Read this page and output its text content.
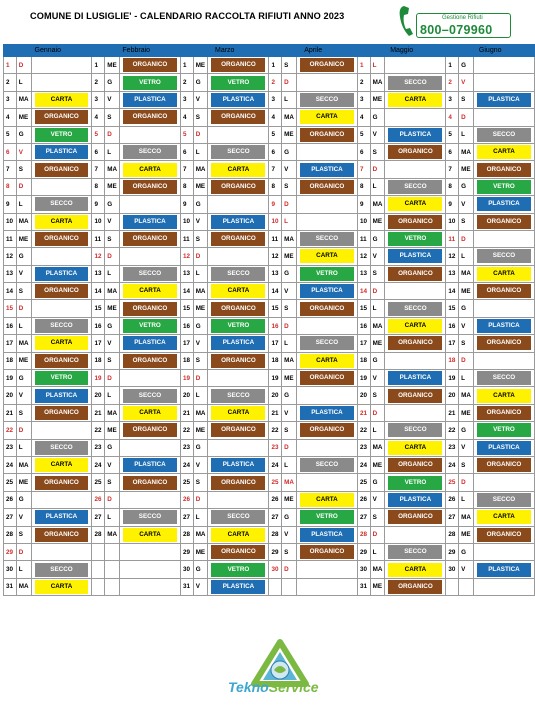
COMUNE DI LUSIGLIE' - CALENDARIO RACCOLTA RIFIUTI ANNO 2023	Gestione Rifiuti
800–079960
Gennaio			Febbraio			Marzo			Aprile			Maggio			Giugno		
1	D		1	ME	ORGANICO	1	ME	ORGANICO	1	S	ORGANICO	1	L		1	G	
2	L		2	G	VETRO	2	G	VETRO	2	D		2	MA	SECCO	2	V	
3	MA	CARTA	3	V	PLASTICA	3	V	PLASTICA	3	L	SECCO	3	ME	CARTA	3	S	PLASTICA

4	ME	ORGANICO	4	S	ORGANICO	4	S	ORGANICO	4	MA	CARTA	4	G		4	D	
5	G	VETRO	5	D		5	D		5	ME	ORGANICO	5	V	PLASTICA	5	L	SECCO

6	V	PLASTICA	6	L	SECCO	6	L	SECCO	6	G		6	S	ORGANICO	6	MA	CARTA

7	S	ORGANICO	7	MA	CARTA	7	MA	CARTA	7	V	PLASTICA	7	D		7	ME	ORGANICO

8	D		8	ME	ORGANICO	8	ME	ORGANICO	8	S	ORGANICO	8	L	SECCO	8	G	VETRO

9	L	SECCO	9	G		9	G		9	D		9	MA	CARTA	9	V	PLASTICA

10	MA	CARTA	10	V	PLASTICA	10	V	PLASTICA	10	L		10	ME	ORGANICO	10	S	ORGANICO

11	ME	ORGANICO	11	S	ORGANICO	11	S	ORGANICO	11	MA	SECCO	11	G	VETRO	11	D	
12	G		12	D		12	D		12	ME	CARTA	12	V	PLASTICA	12	L	SECCO

13	V	PLASTICA	13	L	SECCO	13	L	SECCO	13	G	VETRO	13	S	ORGANICO	13	MA	CARTA

14	S	ORGANICO	14	MA	CARTA	14	MA	CARTA	14	V	PLASTICA	14	D		14	ME	ORGANICO

15	D		15	ME	ORGANICO	15	ME	ORGANICO	15	S	ORGANICO	15	L	SECCO	15	G	
16	L	SECCO	16	G	VETRO	16	G	VETRO	16	D		16	MA	CARTA	16	V	PLASTICA

17	MA	CARTA	17	V	PLASTICA	17	V	PLASTICA	17	L	SECCO	17	ME	ORGANICO	17	S	ORGANICO

18	ME	ORGANICO	18	S	ORGANICO	18	S	ORGANICO	18	MA	CARTA	18	G		18	D	
19	G	VETRO	19	D		19	D		19	ME	ORGANICO	19	V	PLASTICA	19	L	SECCO

20	V	PLASTICA	20	L	SECCO	20	L	SECCO	20	G		20	S	ORGANICO	20	MA	CARTA

21	S	ORGANICO	21	MA	CARTA	21	MA	CARTA	21	V	PLASTICA	21	D		21	ME	ORGANICO

22	D		22	ME	ORGANICO	22	ME	ORGANICO	22	S	ORGANICO	22	L	SECCO	22	G	VETRO

23	L	SECCO	23	G		23	G		23	D		23	MA	CARTA	23	V	PLASTICA

24	MA	CARTA	24	V	PLASTICA	24	V	PLASTICA	24	L	SECCO	24	ME	ORGANICO	24	S	ORGANICO

25	ME	ORGANICO	25	S	ORGANICO	25	S	ORGANICO	25	MA		25	G	VETRO	25	D	
26	G		26	D		26	D		26	ME	CARTA	26	V	PLASTICA	26	L	SECCO

27	V	PLASTICA	27	L	SECCO	27	L	SECCO	27	G	VETRO	27	S	ORGANICO	27	MA	CARTA

28	S	ORGANICO	28	MA	CARTA	28	MA	CARTA	28	V	PLASTICA	28	D		28	ME	ORGANICO

29	D					29	ME	ORGANICO	29	S	ORGANICO	29	L	SECCO	29	G	
30	L	SECCO				30	G	VETRO	30	D		30	MA	CARTA	30	V	PLASTICA

31	MA	CARTA				31	V	PLASTICA				31	ME	ORGANICO			

TeknoService
